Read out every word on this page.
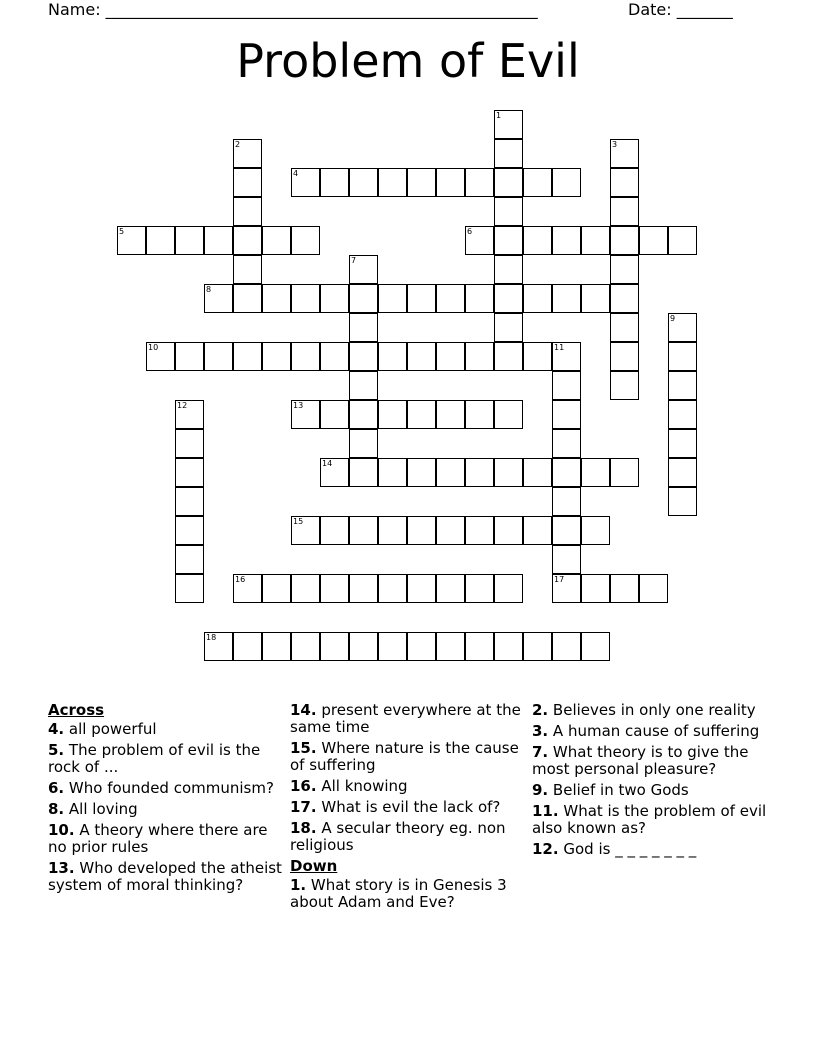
Name: ______________________________________________________	Date: _______
Problem of Evil
1
2	3
4
5	6
7
8
9
10	11
12	13
14
15
16	17
18
Across
4. all powerful
5. The problem of evil is the rock of ...
6. Who founded communism?
8. All loving
10. A theory where there are no prior rules
13. Who developed the atheist system of moral thinking?
14. present everywhere at the same time
15. Where nature is the cause of suffering
16. All knowing
17. What is evil the lack of?
18. A secular theory eg. non religious
Down
1. What story is in Genesis 3 about Adam and Eve?
2. Believes in only one reality
3. A human cause of suffering
7. What theory is to give the most personal pleasure?
9. Belief in two Gods
11. What is the problem of evil also known as?
12. God is _ _ _ _ _ _ _
